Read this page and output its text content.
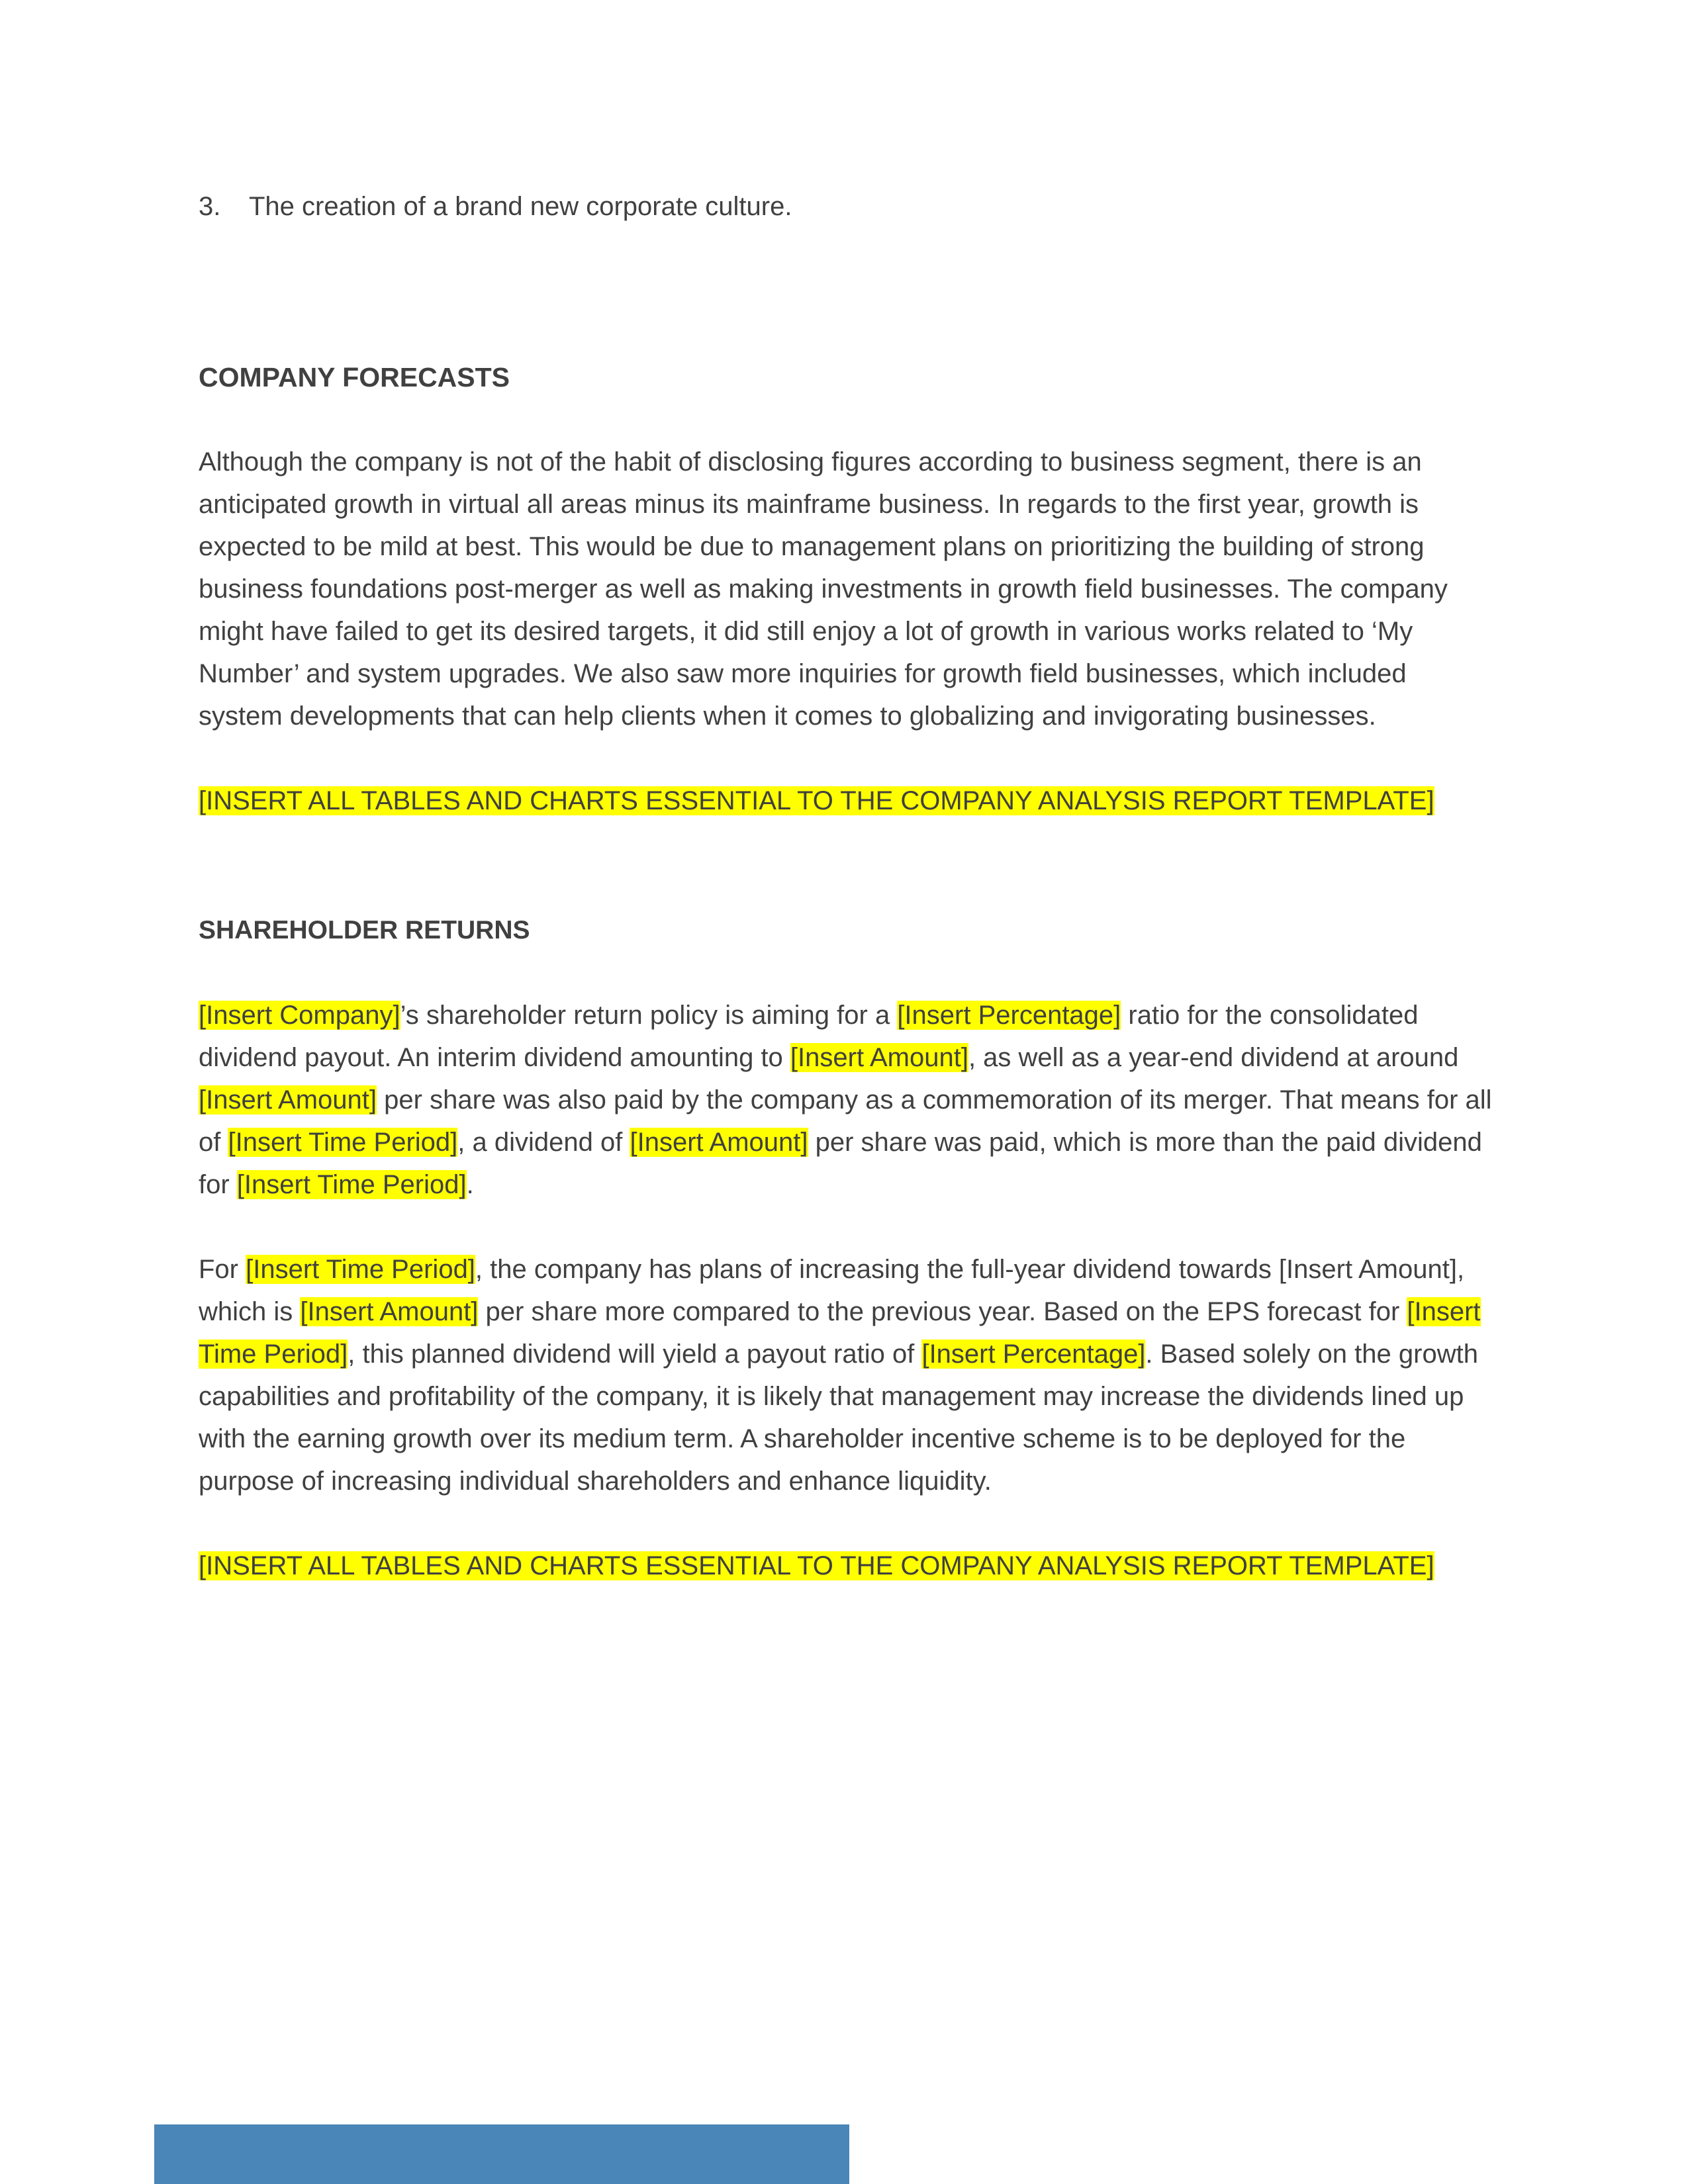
3.	The creation of a brand new corporate culture.

COMPANY FORECASTS

Although the company is not of the habit of disclosing figures according to business segment, there is an anticipated growth in virtual all areas minus its mainframe business. In regards to the first year, growth is expected to be mild at best. This would be due to management plans on prioritizing the building of strong business foundations post-merger as well as making investments in growth field businesses. The company might have failed to get its desired targets, it did still enjoy a lot of growth in various works related to ‘My Number’ and system upgrades. We also saw more inquiries for growth field businesses, which included system developments that can help clients when it comes to globalizing and invigorating businesses.

[INSERT ALL TABLES AND CHARTS ESSENTIAL TO THE COMPANY ANALYSIS REPORT TEMPLATE]

SHAREHOLDER RETURNS

[Insert Company]’s shareholder return policy is aiming for a [Insert Percentage] ratio for the consolidated dividend payout. An interim dividend amounting to [Insert Amount], as well as a year-end dividend at around [Insert Amount] per share was also paid by the company as a commemoration of its merger. That means for all of [Insert Time Period], a dividend of [Insert Amount] per share was paid, which is more than the paid dividend for [Insert Time Period].

For [Insert Time Period], the company has plans of increasing the full-year dividend towards [Insert Amount], which is [Insert Amount] per share more compared to the previous year. Based on the EPS forecast for [Insert Time Period], this planned dividend will yield a payout ratio of [Insert Percentage]. Based solely on the growth capabilities and profitability of the company, it is likely that management may increase the dividends lined up with the earning growth over its medium term. A shareholder incentive scheme is to be deployed for the purpose of increasing individual shareholders and enhance liquidity.

[INSERT ALL TABLES AND CHARTS ESSENTIAL TO THE COMPANY ANALYSIS REPORT TEMPLATE]
